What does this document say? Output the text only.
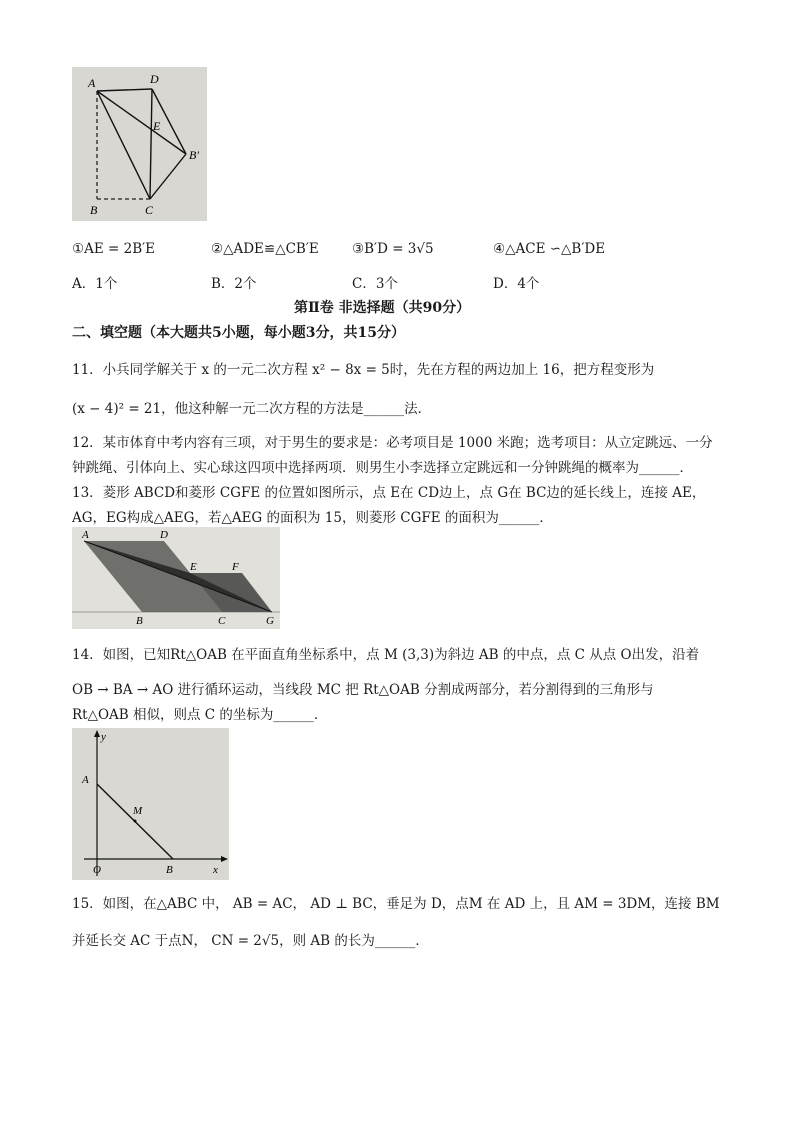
A	D
E
B′
B	C
①AE = 2B′E	②△ADE≌△CB′E ③B′D = 3√5	④△ACE ∽△B′DE
A．1个	B．2个	C．3个	D．4个
第Ⅱ卷 非选择题（共90分）
二、填空题（本大题共5小题，每小题3分，共15分）
11．小兵同学解关于 x 的一元二次方程 x² − 8x = 5时，先在方程的两边加上 16，把方程变形为
(x − 4)² = 21，他这种解一元二次方程的方法是______法．
12．某市体育中考内容有三项，对于男生的要求是：必考项目是 1000 米跑；选考项目：从立定跳远、一分
钟跳绳、引体向上、实心球这四项中选择两项．则男生小李选择立定跳远和一分钟跳绳的概率为______．
13．菱形 ABCD和菱形 CGFE 的位置如图所示，点 E在 CD边上，点 G在 BC边的延长线上，连接 AE，
AG，EG构成△AEG，若△AEG 的面积为 15，则菱形 CGFE 的面积为______．
A	D
E	F
B	C	G
14．如图，已知Rt△OAB 在平面直角坐标系中，点 M (3,3)为斜边 AB 的中点，点 C 从点 O出发，沿着
OB → BA → AO 进行循环运动，当线段 MC 把 Rt△OAB 分割成两部分，若分割得到的三角形与
Rt△OAB 相似，则点 C 的坐标为______．
y
A
M
O	B	x
15．如图，在△ABC 中， AB = AC， AD ⊥ BC，垂足为 D，点M 在 AD 上，且 AM = 3DM，连接 BM
并延长交 AC 于点N， CN = 2√5，则 AB 的长为______．
